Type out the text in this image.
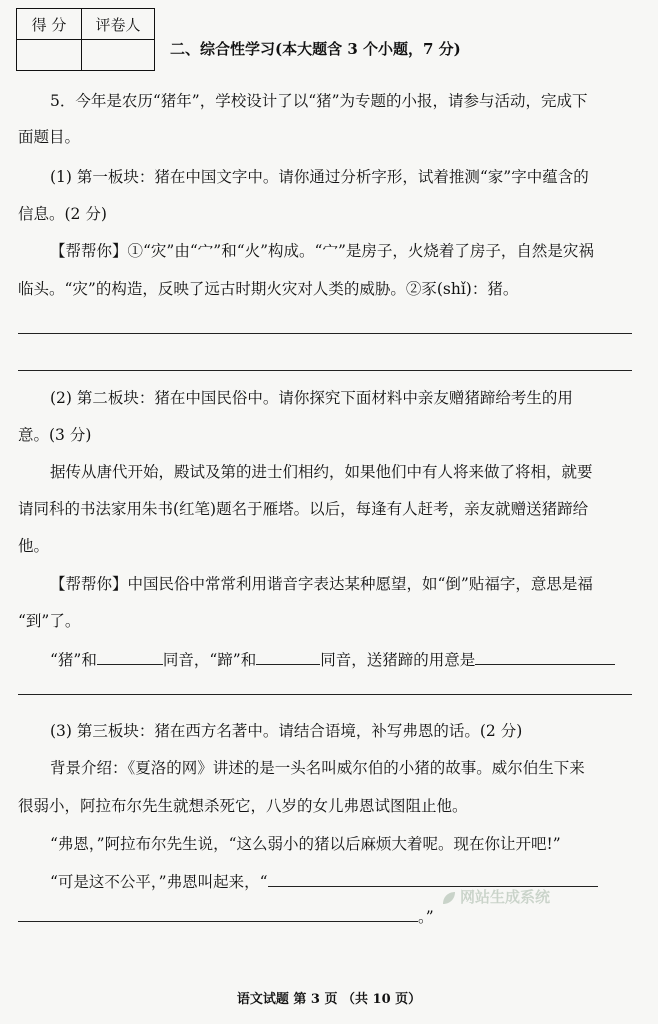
得 分	评卷人

二、综合性学习(本大题含 3 个小题，7 分)
5．今年是农历“猪年”，学校设计了以“猪”为专题的小报，请参与活动，完成下
面题目。
(1) 第一板块：猪在中国文字中。请你通过分析字形，试着推测“家”字中蕴含的
信息。(2 分)
【帮帮你】①“灾”由“宀”和“火”构成。“宀”是房子，火烧着了房子，自然是灾祸
临头。“灾”的构造，反映了远古时期火灾对人类的威胁。②豕(shǐ)：猪。
(2) 第二板块：猪在中国民俗中。请你探究下面材料中亲友赠猪蹄给考生的用
意。(3 分)
据传从唐代开始，殿试及第的进士们相约，如果他们中有人将来做了将相，就要
请同科的书法家用朱书(红笔)题名于雁塔。以后，每逢有人赶考，亲友就赠送猪蹄给
他。
【帮帮你】中国民俗中常常利用谐音字表达某种愿望，如“倒”贴福字，意思是福
“到”了。
“猪”和	同音，“蹄”和	同音，送猪蹄的用意是
(3) 第三板块：猪在西方名著中。请结合语境，补写弗恩的话。(2 分)
背景介绍：《夏洛的网》讲述的是一头名叫威尔伯的小猪的故事。威尔伯生下来
很弱小，阿拉布尔先生就想杀死它，八岁的女儿弗恩试图阻止他。
“弗恩，”阿拉布尔先生说，“这么弱小的猪以后麻烦大着呢。现在你让开吧!”
“可是这不公平，”弗恩叫起来，“
。”
网站生成系统
语文试题 第 3 页 （共 10 页）
